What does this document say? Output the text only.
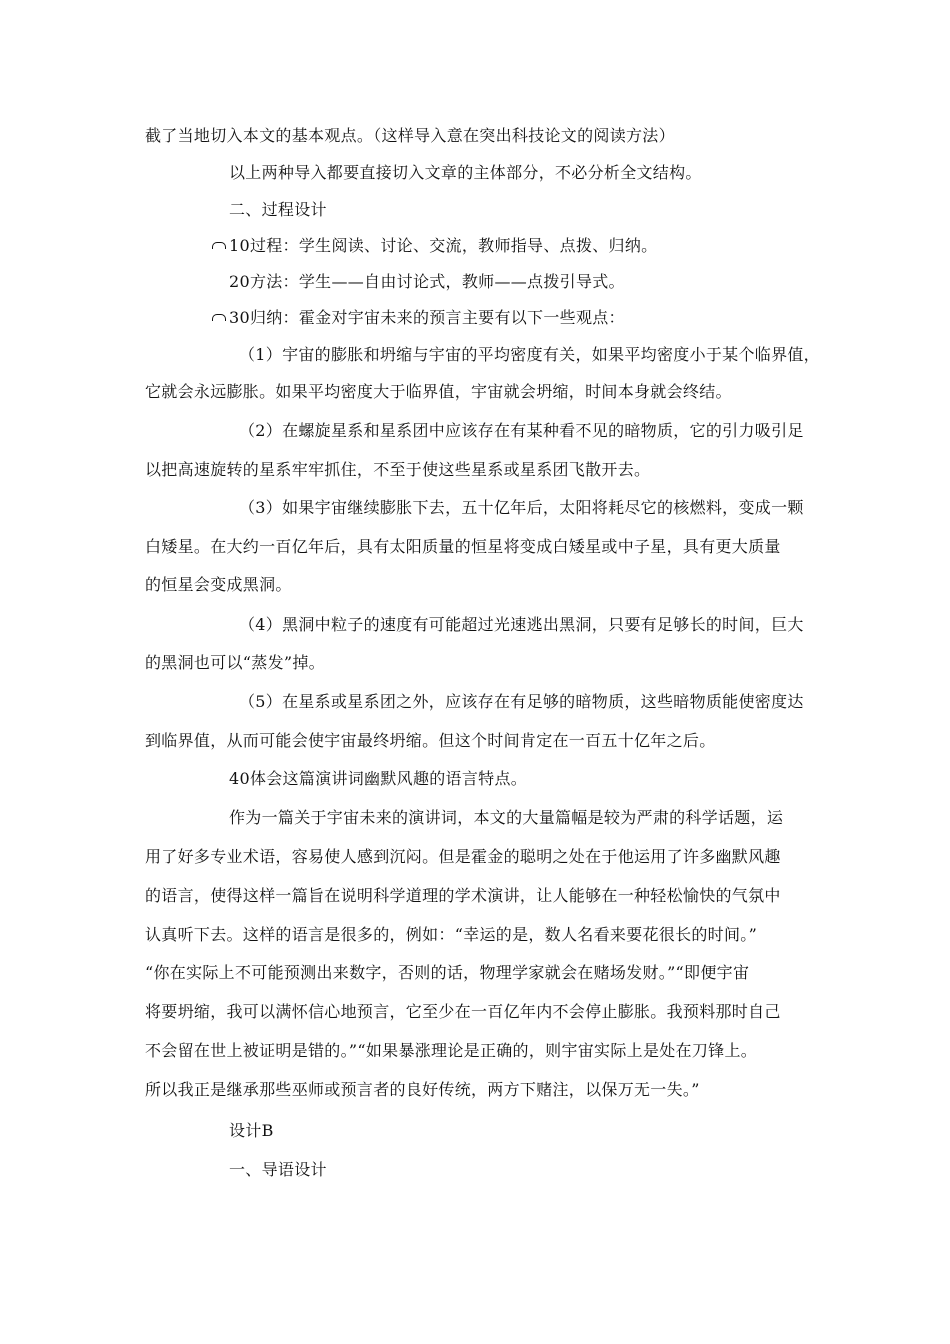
截了当地切入本文的基本观点。（这样导入意在突出科技论文的阅读方法）
以上两种导入都要直接切入文章的主体部分，不必分析全文结构。
二、过程设计
10过程：学生阅读、讨论、交流，教师指导、点拨、归纳。
20方法：学生——自由讨论式，教师——点拨引导式。
30归纳：霍金对宇宙未来的预言主要有以下一些观点：
（1）宇宙的膨胀和坍缩与宇宙的平均密度有关，如果平均密度小于某个临界值，
它就会永远膨胀。如果平均密度大于临界值，宇宙就会坍缩，时间本身就会终结。
（2）在螺旋星系和星系团中应该存在有某种看不见的暗物质，它的引力吸引足
以把高速旋转的星系牢牢抓住，不至于使这些星系或星系团飞散开去。
（3）如果宇宙继续膨胀下去，五十亿年后，太阳将耗尽它的核燃料，变成一颗
白矮星。在大约一百亿年后，具有太阳质量的恒星将变成白矮星或中子星，具有更大质量
的恒星会变成黑洞。
（4）黑洞中粒子的速度有可能超过光速逃出黑洞，只要有足够长的时间，巨大
的黑洞也可以“蒸发”掉。
（5）在星系或星系团之外，应该存在有足够的暗物质，这些暗物质能使密度达
到临界值，从而可能会使宇宙最终坍缩。但这个时间肯定在一百五十亿年之后。
40体会这篇演讲词幽默风趣的语言特点。
作为一篇关于宇宙未来的演讲词，本文的大量篇幅是较为严肃的科学话题，运
用了好多专业术语，容易使人感到沉闷。但是霍金的聪明之处在于他运用了许多幽默风趣
的语言，使得这样一篇旨在说明科学道理的学术演讲，让人能够在一种轻松愉快的气氛中
认真听下去。这样的语言是很多的，例如：“幸运的是，数人名看来要花很长的时间。”
“你在实际上不可能预测出来数字，否则的话，物理学家就会在赌场发财。”“即便宇宙
将要坍缩，我可以满怀信心地预言，它至少在一百亿年内不会停止膨胀。我预料那时自己
不会留在世上被证明是错的。”“如果暴涨理论是正确的，则宇宙实际上是处在刀锋上。
所以我正是继承那些巫师或预言者的良好传统，两方下赌注，以保万无一失。”
设计B
一、导语设计
